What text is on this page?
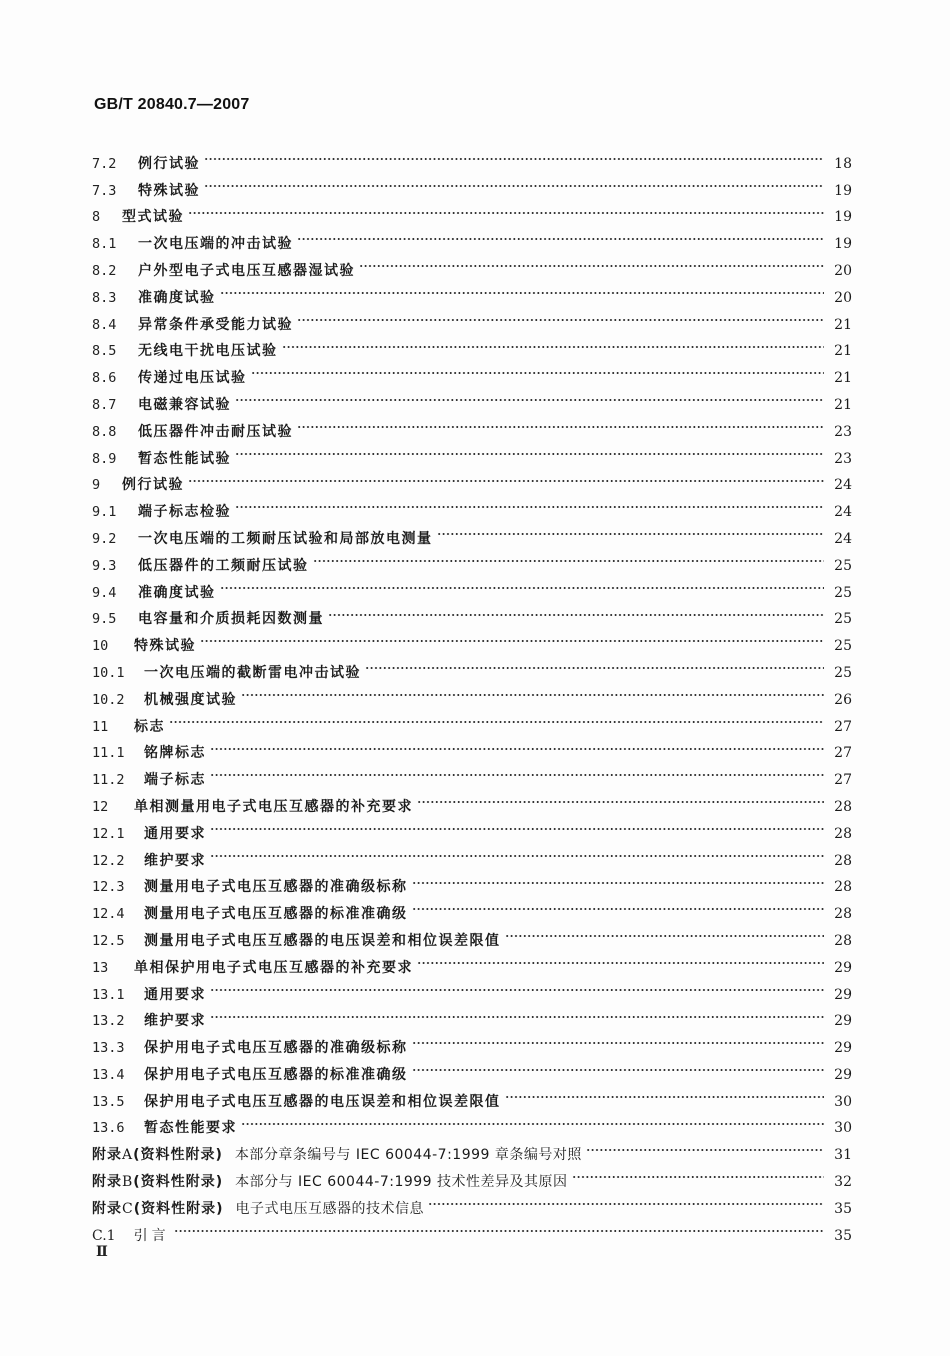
GB/T 20840.7—2007
7.2	例行试验	18
7.3	特殊试验	19
8	型式试验	19
8.1	一次电压端的冲击试验	19
8.2	户外型电子式电压互感器湿试验	20
8.3	准确度试验	20
8.4	异常条件承受能力试验	21
8.5	无线电干扰电压试验	21
8.6	传递过电压试验	21
8.7	电磁兼容试验	21
8.8	低压器件冲击耐压试验	23
8.9	暂态性能试验	23
9	例行试验	24
9.1	端子标志检验	24
9.2	一次电压端的工频耐压试验和局部放电测量	24
9.3	低压器件的工频耐压试验	25
9.4	准确度试验	25
9.5	电容量和介质损耗因数测量	25
10	特殊试验	25
10.1	一次电压端的截断雷电冲击试验	25
10.2	机械强度试验	26
11	标志	27
11.1	铭牌标志	27
11.2	端子标志	27
12	单相测量用电子式电压互感器的补充要求	28
12.1	通用要求	28
12.2	维护要求	28
12.3	测量用电子式电压互感器的准确级标称	28
12.4	测量用电子式电压互感器的标准准确级	28
12.5	测量用电子式电压互感器的电压误差和相位误差限值	28
13	单相保护用电子式电压互感器的补充要求	29
13.1	通用要求	29
13.2	维护要求	29
13.3	保护用电子式电压互感器的准确级标称	29
13.4	保护用电子式电压互感器的标准准确级	29
13.5	保护用电子式电压互感器的电压误差和相位误差限值	30
13.6	暂态性能要求	30
附录A(资料性附录) 本部分章条编号与 IEC 60044-7:1999 章条编号对照	31
附录B(资料性附录) 本部分与 IEC 60044-7:1999 技术性差异及其原因	32
附录C(资料性附录) 电子式电压互感器的技术信息	35
C.1 引言	35
Ⅱ
